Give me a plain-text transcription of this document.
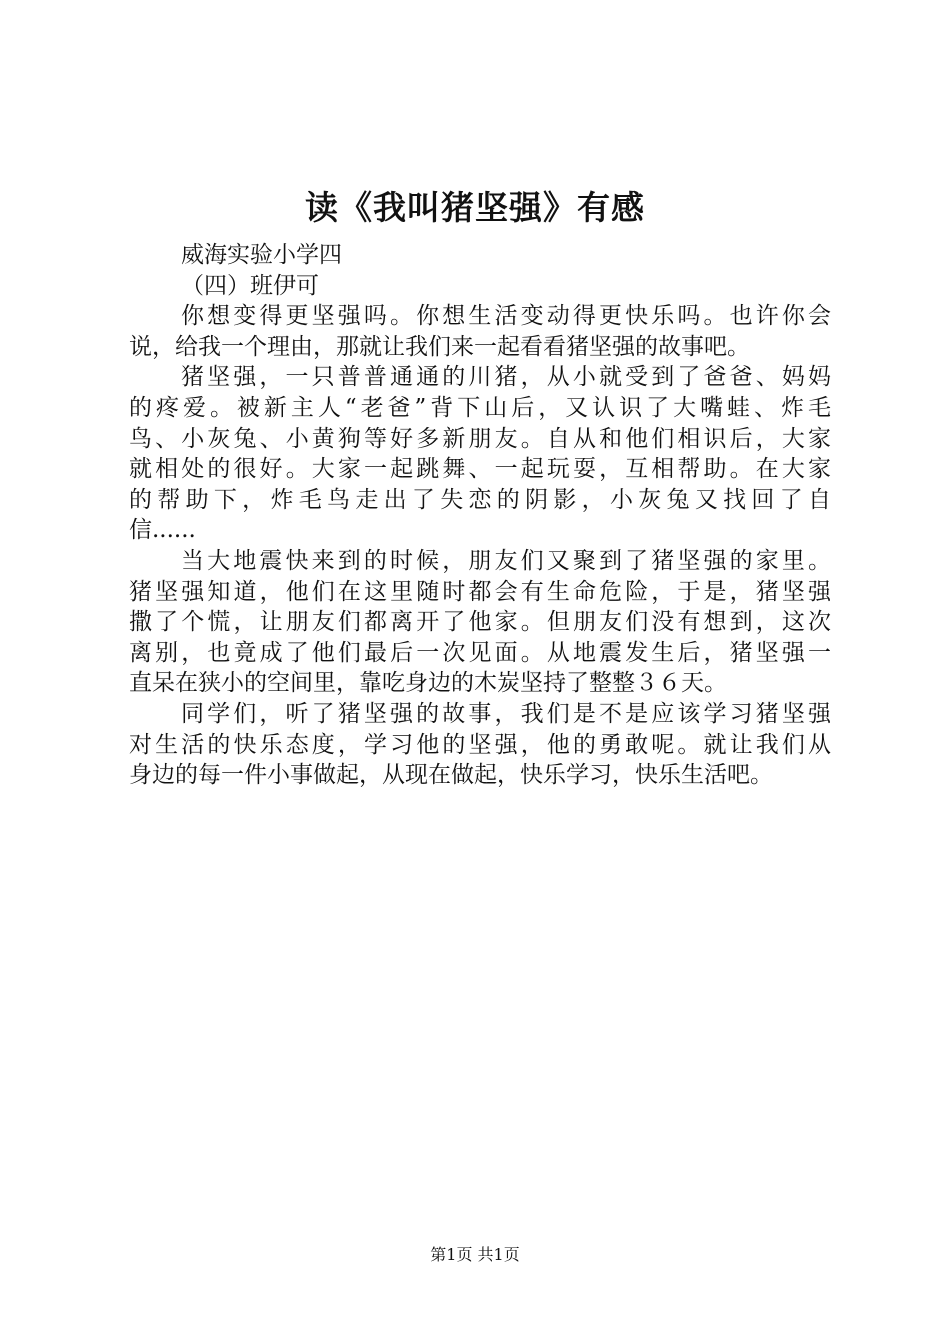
读《我叫猪坚强》有感
威海实验小学四
（四）班伊可
你想变得更坚强吗。你想生活变动得更快乐吗。也许你会
说，给我一个理由，那就让我们来一起看看猪坚强的故事吧。
猪坚强，一只普普通通的川猪，从小就受到了爸爸、妈妈
的疼爱。被新主人“老爸”背下山后，又认识了大嘴蛙、炸毛
鸟、小灰兔、小黄狗等好多新朋友。自从和他们相识后，大家
就相处的很好。大家一起跳舞、一起玩耍，互相帮助。在大家
的帮助下，炸毛鸟走出了失恋的阴影，小灰兔又找回了自
信......
当大地震快来到的时候，朋友们又聚到了猪坚强的家里。
猪坚强知道，他们在这里随时都会有生命危险，于是，猪坚强
撒了个慌，让朋友们都离开了他家。但朋友们没有想到，这次
离别，也竟成了他们最后一次见面。从地震发生后，猪坚强一
直呆在狭小的空间里，靠吃身边的木炭坚持了整整３６天。
同学们，听了猪坚强的故事，我们是不是应该学习猪坚强
对生活的快乐态度，学习他的坚强，他的勇敢呢。就让我们从
身边的每一件小事做起，从现在做起，快乐学习，快乐生活吧。
第1页 共1页
